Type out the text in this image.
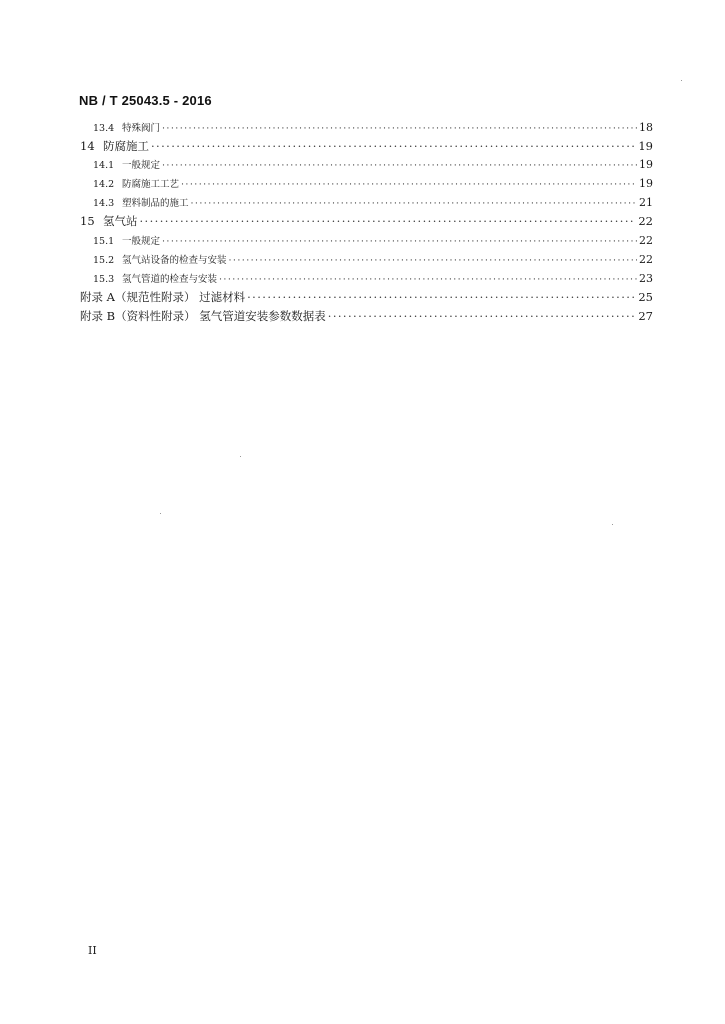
NB / T 25043.5 - 2016
13.4 特殊阀门 ·····	18
14 防腐施工 ·····	19
14.1 一般规定 ·····	19
14.2 防腐施工工艺 ·····	19
14.3 塑料制品的施工 ·····	21
15 氢气站 ·····	22
15.1 一般规定 ·····	22
15.2 氢气站设备的检查与安装 ·····	22
15.3 氢气管道的检查与安装 ·····	23
附录 A（规范性附录） 过滤材料 ·····	25
附录 B（资料性附录） 氢气管道安装参数数据表 ·····	27
II
